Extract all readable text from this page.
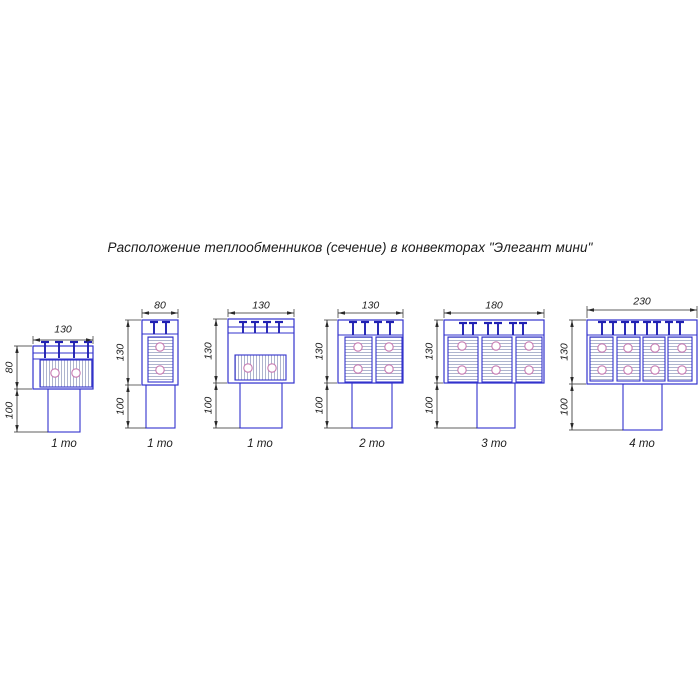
Расположение теплообменников (сечение) в конвекторах "Элегант мини"
130
80
100
1 то
80
130
100
1 то
130
130
100
1 то
130
130
100
2 то
180
130
100
3 то
230
130
100
4 то
